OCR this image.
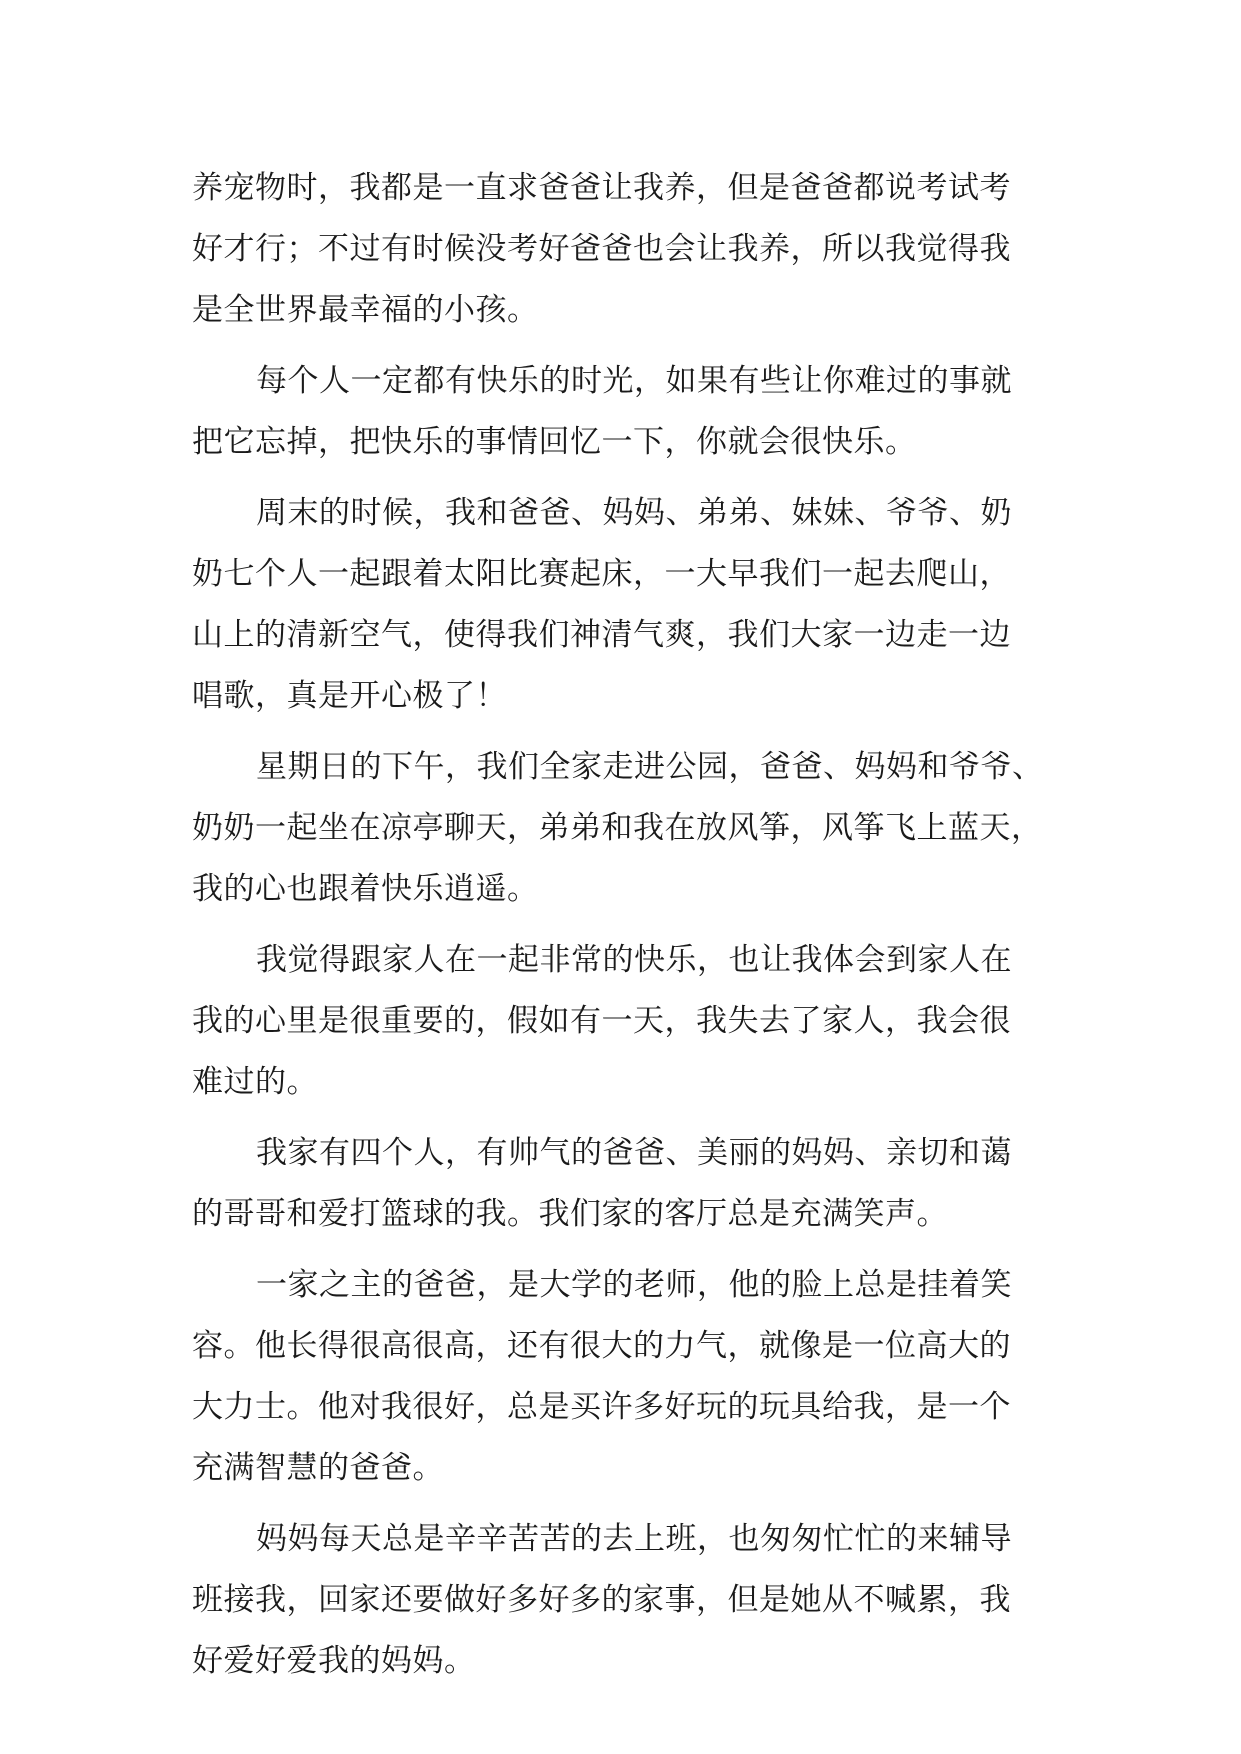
养宠物时，我都是一直求爸爸让我养，但是爸爸都说考试考
好才行；不过有时候没考好爸爸也会让我养，所以我觉得我
是全世界最幸福的小孩。
每个人一定都有快乐的时光，如果有些让你难过的事就
把它忘掉，把快乐的事情回忆一下，你就会很快乐。
周末的时候，我和爸爸、妈妈、弟弟、妹妹、爷爷、奶
奶七个人一起跟着太阳比赛起床，一大早我们一起去爬山，
山上的清新空气，使得我们神清气爽，我们大家一边走一边
唱歌，真是开心极了！
星期日的下午，我们全家走进公园，爸爸、妈妈和爷爷、
奶奶一起坐在凉亭聊天，弟弟和我在放风筝，风筝飞上蓝天，
我的心也跟着快乐逍遥。
我觉得跟家人在一起非常的快乐，也让我体会到家人在
我的心里是很重要的，假如有一天，我失去了家人，我会很
难过的。
我家有四个人，有帅气的爸爸、美丽的妈妈、亲切和蔼
的哥哥和爱打篮球的我。我们家的客厅总是充满笑声。
一家之主的爸爸，是大学的老师，他的脸上总是挂着笑
容。他长得很高很高，还有很大的力气，就像是一位高大的
大力士。他对我很好，总是买许多好玩的玩具给我，是一个
充满智慧的爸爸。
妈妈每天总是辛辛苦苦的去上班，也匆匆忙忙的来辅导
班接我，回家还要做好多好多的家事，但是她从不喊累，我
好爱好爱我的妈妈。
